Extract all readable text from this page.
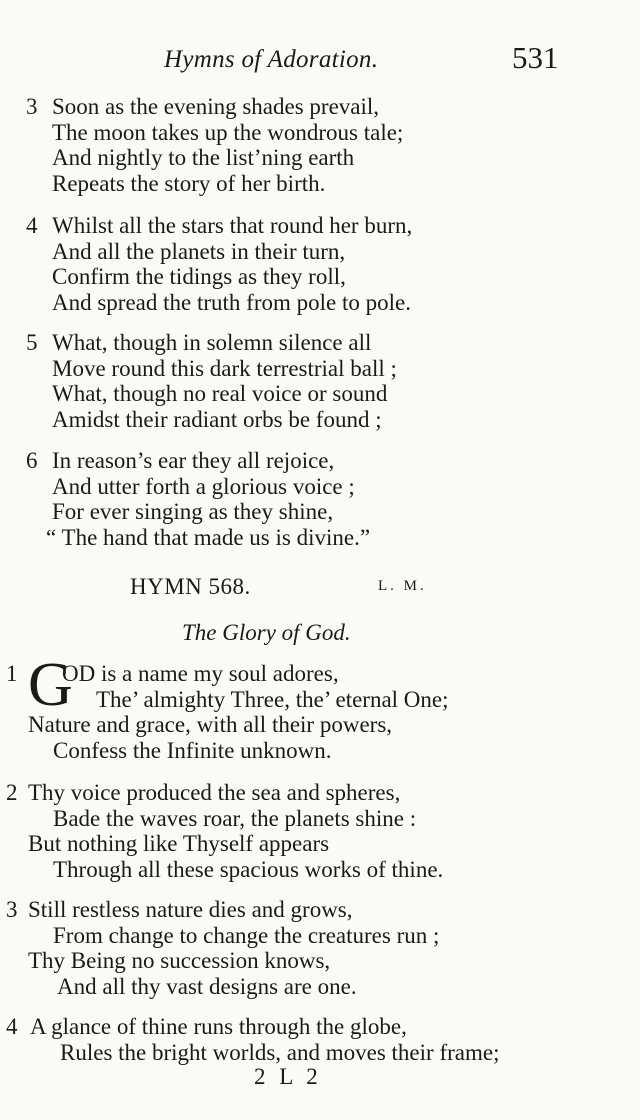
Hymns of Adoration.	531
3 Soon as the evening shades prevail,
The moon takes up the wondrous tale;
And nightly to the list’ning earth
Repeats the story of her birth.
4 Whilst all the stars that round her burn,
And all the planets in their turn,
Confirm the tidings as they roll,
And spread the truth from pole to pole.
5 What, though in solemn silence all
Move round this dark terrestrial ball ;
What, though no real voice or sound
Amidst their radiant orbs be found ;
6 In reason’s ear they all rejoice,
And utter forth a glorious voice ;
For ever singing as they shine,
“ The hand that made us is divine.”
HYMN 568.	L. M.
The Glory of God.
G
1	OD is a name my soul adores,
The’ almighty Three, the’ eternal One;
Nature and grace, with all their powers,
Confess the Infinite unknown.
2 Thy voice produced the sea and spheres,
Bade the waves roar, the planets shine :
But nothing like Thyself appears
Through all these spacious works of thine.
3 Still restless nature dies and grows,
From change to change the creatures run ;
Thy Being no succession knows,
And all thy vast designs are one.
4 A glance of thine runs through the globe,
Rules the bright worlds, and moves their frame;
2 L 2
